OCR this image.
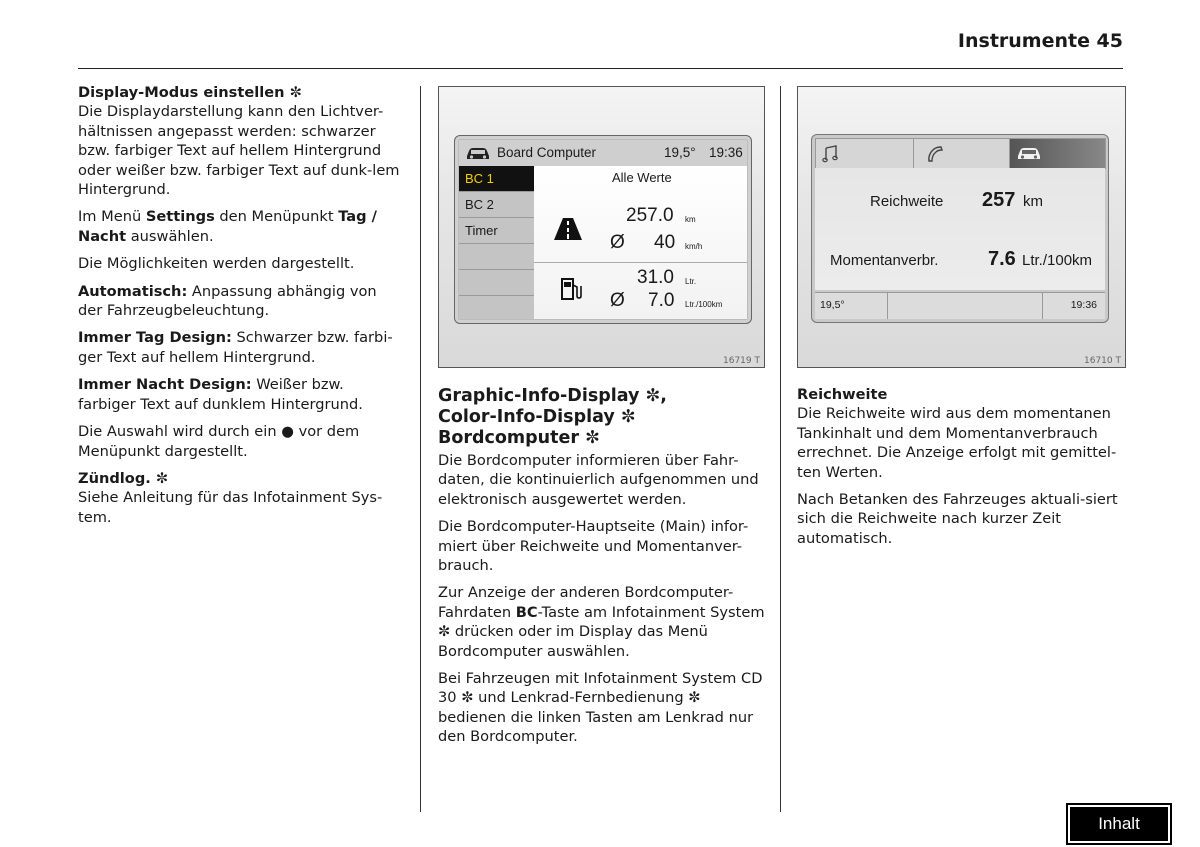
Instrumente 45
Display-Modus einstellen ✼

Die Displaydarstellung kann den Lichtver-hältnissen angepasst werden: schwarzer bzw. farbiger Text auf hellem Hintergrund oder weißer bzw. farbiger Text auf dunk-lem Hintergrund.

Im Menü Settings den Menüpunkt Tag / Nacht auswählen.

Die Möglichkeiten werden dargestellt.

Automatisch: Anpassung abhängig von der Fahrzeugbeleuchtung.

Immer Tag Design: Schwarzer bzw. farbi-ger Text auf hellem Hintergrund.

Immer Nacht Design: Weißer bzw. farbiger Text auf dunklem Hintergrund.

Die Auswahl wird durch ein ● vor dem Menüpunkt dargestellt.

Zündlog. ✼

Siehe Anleitung für das Infotainment Sys-tem.

Board Computer	19,5° 19:36
BC 1
BC 2
Timer
Alle Werte
257.0 km
Ø 40 km/h
31.0 Ltr.
Ø 7.0 Ltr./100km
16719 T
Graphic-Info-Display ✼,
Color-Info-Display ✼
Bordcomputer ✼

Die Bordcomputer informieren über Fahr-daten, die kontinuierlich aufgenommen und elektronisch ausgewertet werden.

Die Bordcomputer-Hauptseite (Main) infor-miert über Reichweite und Momentanver-brauch.

Zur Anzeige der anderen Bordcomputer-Fahrdaten BC-Taste am Infotainment System ✼ drücken oder im Display das Menü Bordcomputer auswählen.

Bei Fahrzeugen mit Infotainment System CD 30 ✼ und Lenkrad-Fernbedienung ✼ bedienen die linken Tasten am Lenkrad nur den Bordcomputer.

Reichweite 257 km
Momentanverbr. 7.6 Ltr./100km
19,5°	19:36
16710 T
Reichweite

Die Reichweite wird aus dem momentanen Tankinhalt und dem Momentanverbrauch errechnet. Die Anzeige erfolgt mit gemittel-ten Werten.

Nach Betanken des Fahrzeuges aktuali-siert sich die Reichweite nach kurzer Zeit automatisch.

Inhalt
